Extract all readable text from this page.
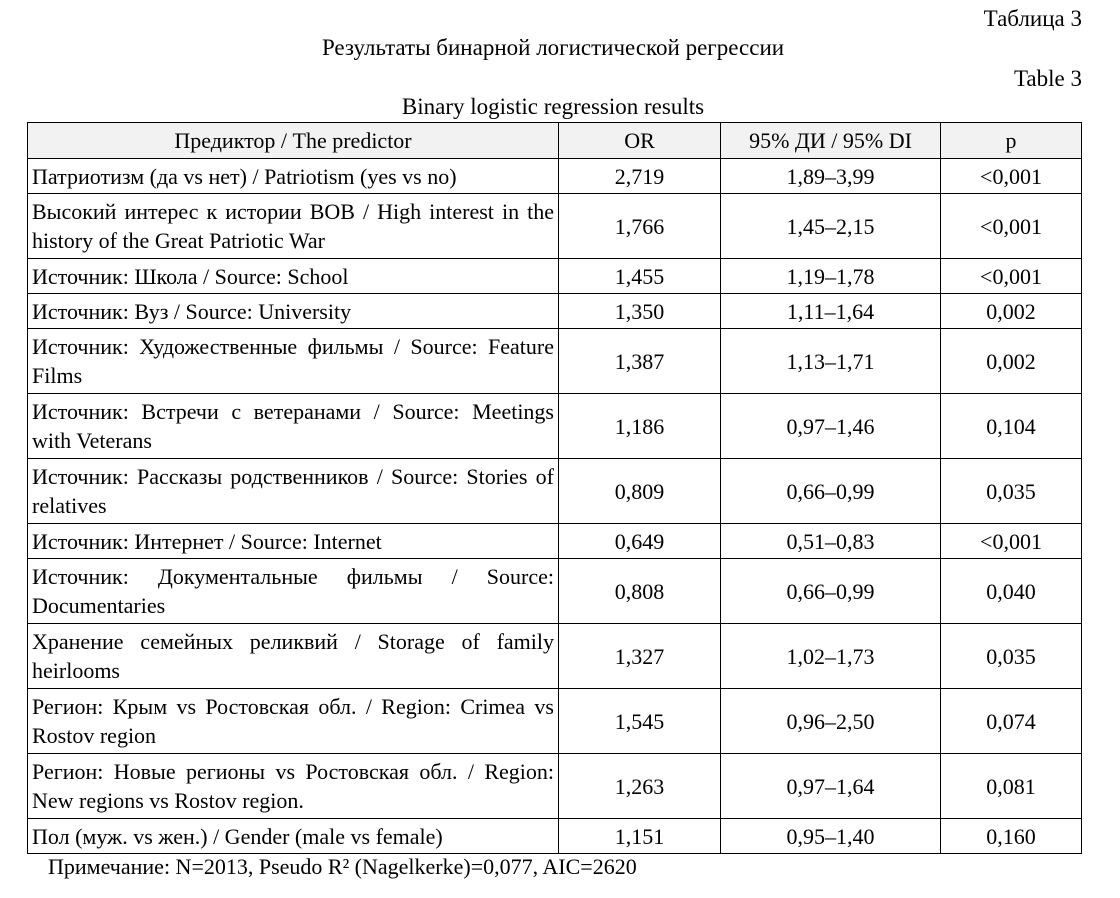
Таблица 3
Результаты бинарной логистической регрессии
Table 3
Binary logistic regression results
Предиктор / The predictor	OR	95% ДИ / 95% DI	p
Патриотизм (да vs нет) / Patriotism (yes vs no)	2,719	1,89–3,99	<0,001
Высокий интерес к истории ВОВ / High interest in the history of the Great Patriotic War	1,766	1,45–2,15	<0,001
Источник: Школа / Source: School	1,455	1,19–1,78	<0,001
Источник: Вуз / Source: University	1,350	1,11–1,64	0,002
Источник: Художественные фильмы / Source: Feature Films	1,387	1,13–1,71	0,002
Источник: Встречи с ветеранами / Source: Meetings with Veterans	1,186	0,97–1,46	0,104
Источник: Рассказы родственников / Source: Stories of relatives	0,809	0,66–0,99	0,035
Источник: Интернет / Source: Internet	0,649	0,51–0,83	<0,001
Источник: Документальные фильмы / Source: Documentaries	0,808	0,66–0,99	0,040
Хранение семейных реликвий / Storage of family heirlooms	1,327	1,02–1,73	0,035
Регион: Крым vs Ростовская обл. / Region: Crimea vs Rostov region	1,545	0,96–2,50	0,074
Регион: Новые регионы vs Ростовская обл. / Region: New regions vs Rostov region.	1,263	0,97–1,64	0,081
Пол (муж. vs жен.) / Gender (male vs female)	1,151	0,95–1,40	0,160
Примечание: N=2013, Pseudo R² (Nagelkerke)=0,077, AIC=2620
